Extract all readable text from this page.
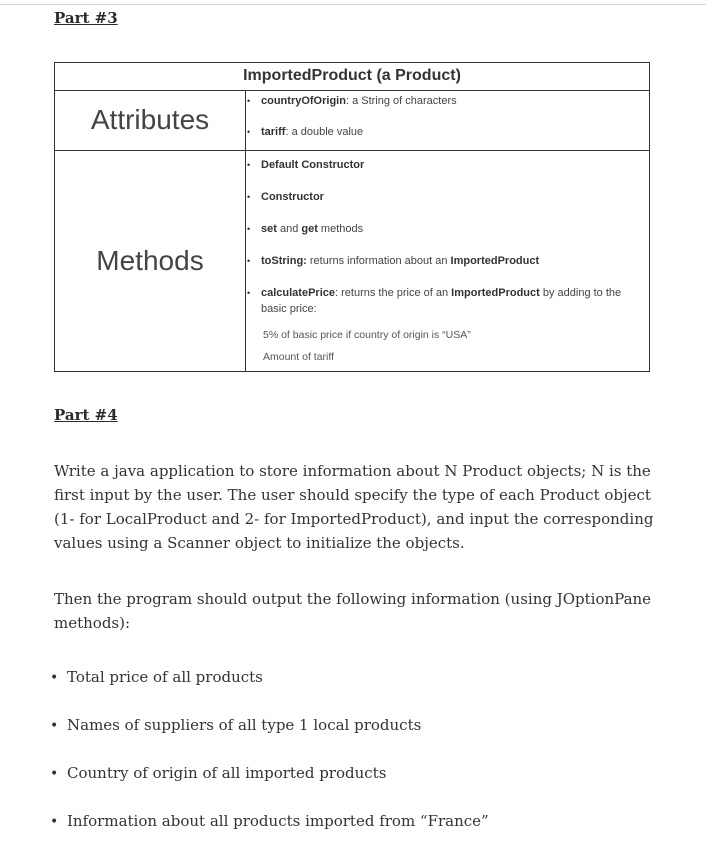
Part #3
ImportedProduct (a Product)
Attributes
• countryOfOrigin: a String of characters
• tariff: a double value
Methods
• Default Constructor
• Constructor
• set and get methods
• toString: returns information about an ImportedProduct
• calculatePrice: returns the price of an ImportedProduct by adding to the basic price:
5% of basic price if country of origin is “USA”
Amount of tariff
Part #4

Write a java application to store information about N Product objects; N is the first input by the user. The user should specify the type of each Product object (1- for LocalProduct and 2- for ImportedProduct), and input the corresponding values using a Scanner object to initialize the objects.

Then the program should output the following information (using JOptionPane methods):

• Total price of all products
• Names of suppliers of all type 1 local products
• Country of origin of all imported products
• Information about all products imported from “France”
